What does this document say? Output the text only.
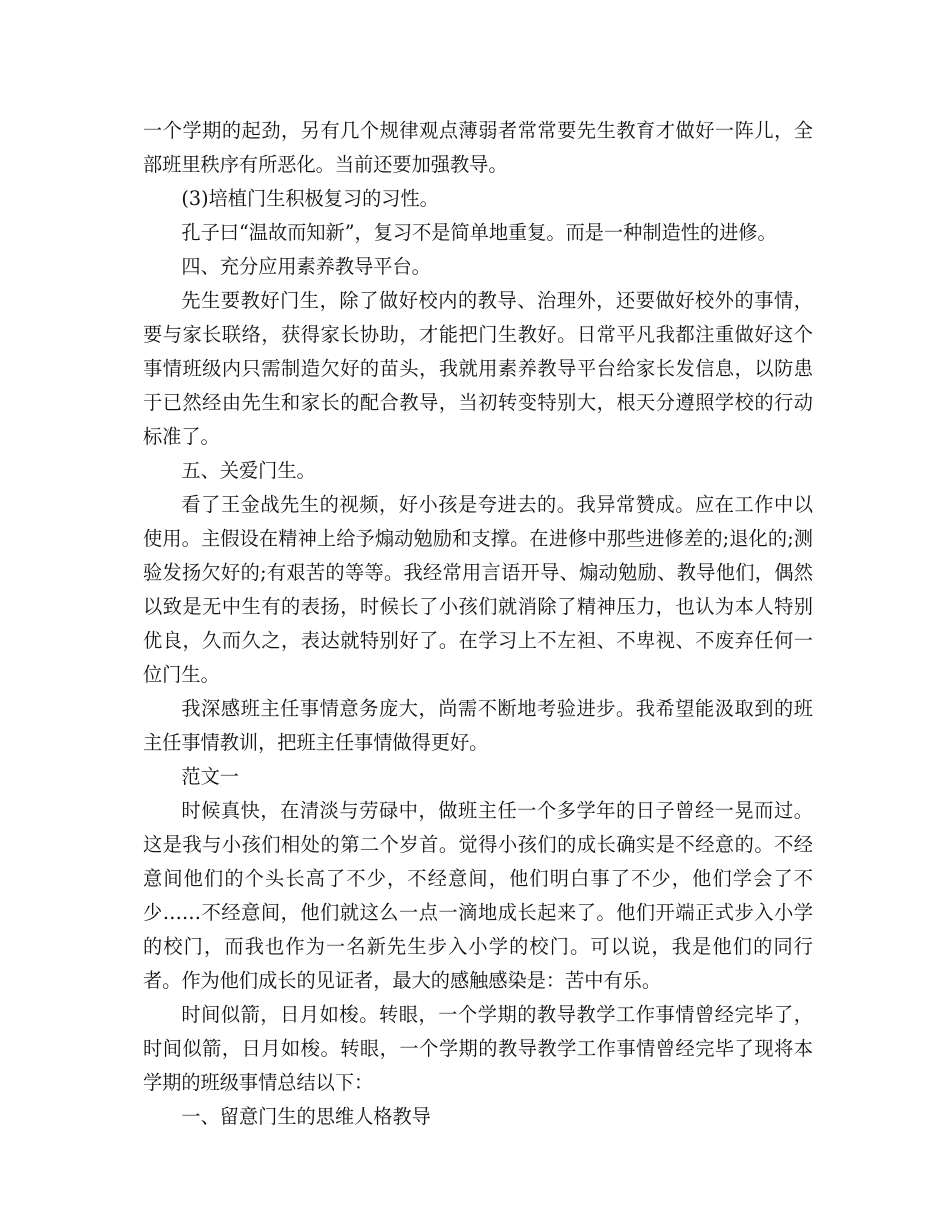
一个学期的起劲，另有几个规律观点薄弱者常常要先生教育才做好一阵儿，全部班里秩序有所恶化。当前还要加强教导。

(3)培植门生积极复习的习性。

孔子曰“温故而知新”，复习不是简单地重复。而是一种制造性的进修。

四、充分应用素养教导平台。

先生要教好门生，除了做好校内的教导、治理外，还要做好校外的事情，要与家长联络，获得家长协助，才能把门生教好。日常平凡我都注重做好这个事情班级内只需制造欠好的苗头，我就用素养教导平台给家长发信息，以防患于已然经由先生和家长的配合教导，当初转变特别大，根天分遵照学校的行动标准了。

五、关爱门生。

看了王金战先生的视频，好小孩是夸进去的。我异常赞成。应在工作中以使用。主假设在精神上给予煽动勉励和支撑。在进修中那些进修差的;退化的;测验发扬欠好的;有艰苦的等等。我经常用言语开导、煽动勉励、教导他们，偶然以致是无中生有的表扬，时候长了小孩们就消除了精神压力，也认为本人特别优良，久而久之，表达就特别好了。在学习上不左袒、不卑视、不废弃任何一位门生。

我深感班主任事情意务庞大，尚需不断地考验进步。我希望能汲取到的班主任事情教训，把班主任事情做得更好。

范文一

时候真快，在清淡与劳碌中，做班主任一个多学年的日子曾经一晃而过。这是我与小孩们相处的第二个岁首。觉得小孩们的成长确实是不经意的。不经意间他们的个头长高了不少，不经意间，他们明白事了不少，他们学会了不少……不经意间，他们就这么一点一滴地成长起来了。他们开端正式步入小学的校门，而我也作为一名新先生步入小学的校门。可以说，我是他们的同行者。作为他们成长的见证者，最大的感触感染是：苦中有乐。

时间似箭，日月如梭。转眼，一个学期的教导教学工作事情曾经完毕了， 时间似箭，日月如梭。转眼，一个学期的教导教学工作事情曾经完毕了现将本学期的班级事情总结以下：

一、留意门生的思维人格教导
